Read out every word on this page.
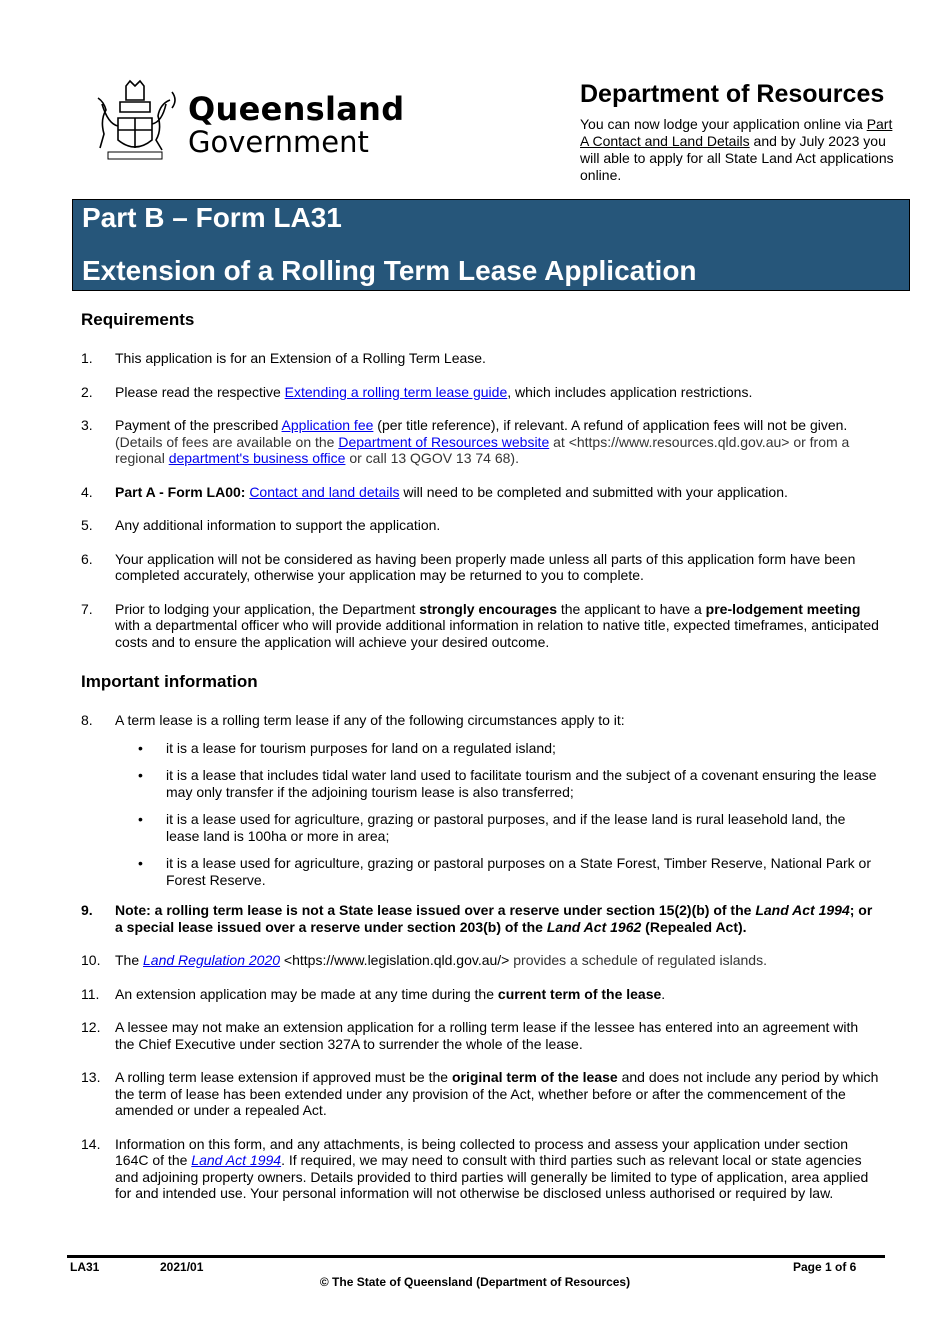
Queensland
Government
Department of Resources
You can now lodge your application online via Part A Contact and Land Details and by July 2023 you will able to apply for all State Land Act applications online.
Part B – Form LA31
Extension of a Rolling Term Lease Application
Requirements
1. This application is for an Extension of a Rolling Term Lease.
2. Please read the respective Extending a rolling term lease guide, which includes application restrictions.
3. Payment of the prescribed Application fee (per title reference), if relevant. A refund of application fees will not be given. (Details of fees are available on the Department of Resources website at <https://www.resources.qld.gov.au> or from a regional department's business office or call 13 QGOV 13 74 68).
4. Part A - Form LA00: Contact and land details will need to be completed and submitted with your application.
5. Any additional information to support the application.
6. Your application will not be considered as having been properly made unless all parts of this application form have been completed accurately, otherwise your application may be returned to you to complete.
7. Prior to lodging your application, the Department strongly encourages the applicant to have a pre-lodgement meeting with a departmental officer who will provide additional information in relation to native title, expected timeframes, anticipated costs and to ensure the application will achieve your desired outcome.
Important information
8. A term lease is a rolling term lease if any of the following circumstances apply to it:
• it is a lease for tourism purposes for land on a regulated island;
• it is a lease that includes tidal water land used to facilitate tourism and the subject of a covenant ensuring the lease may only transfer if the adjoining tourism lease is also transferred;
• it is a lease used for agriculture, grazing or pastoral purposes, and if the lease land is rural leasehold land, the lease land is 100ha or more in area;
• it is a lease used for agriculture, grazing or pastoral purposes on a State Forest, Timber Reserve, National Park or Forest Reserve.
9. Note: a rolling term lease is not a State lease issued over a reserve under section 15(2)(b) of the Land Act 1994; or a special lease issued over a reserve under section 203(b) of the Land Act 1962 (Repealed Act).
10. The Land Regulation 2020 <https://www.legislation.qld.gov.au/> provides a schedule of regulated islands.
11. An extension application may be made at any time during the current term of the lease.
12. A lessee may not make an extension application for a rolling term lease if the lessee has entered into an agreement with the Chief Executive under section 327A to surrender the whole of the lease.
13. A rolling term lease extension if approved must be the original term of the lease and does not include any period by which the term of lease has been extended under any provision of the Act, whether before or after the commencement of the amended or under a repealed Act.
14. Information on this form, and any attachments, is being collected to process and assess your application under section 164C of the Land Act 1994. If required, we may need to consult with third parties such as relevant local or state agencies and adjoining property owners. Details provided to third parties will generally be limited to type of application, area applied for and intended use. Your personal information will not otherwise be disclosed unless authorised or required by law.
LA31	2021/01	Page 1 of 6
© The State of Queensland (Department of Resources)
